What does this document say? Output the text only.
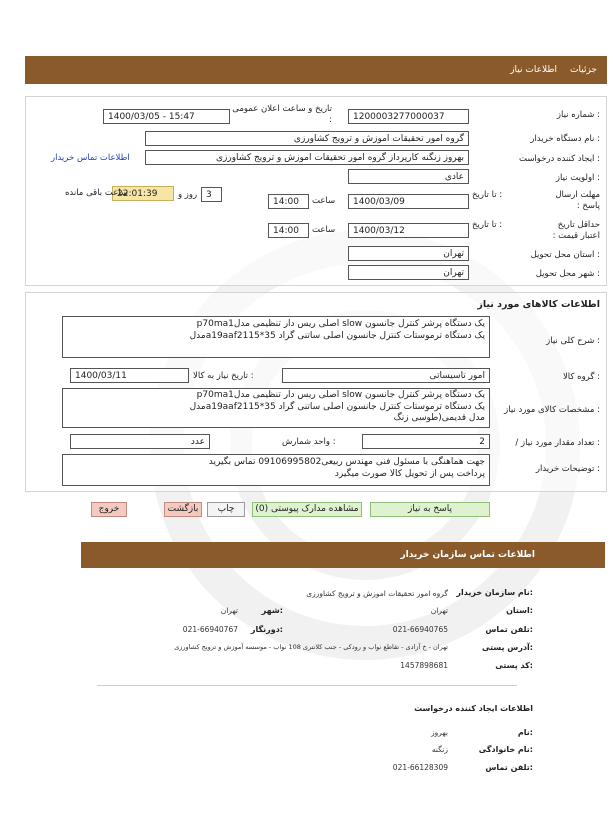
جزئیات
اطلاعات نیاز
شماره نیاز :
1200003277000037
تاریخ و ساعت اعلان عمومی :
1400/03/05 - 15:47
نام دستگاه خریدار :
گروه امور تحقیقات اموزش و ترویج کشاورزی
ایجاد کننده درخواست :
بهروز زنگنه کارپرداز گروه امور تحقیقات اموزش و ترویج کشاورزی
اطلاعات تماس خریدار
اولویت نیاز :
عادی
مهلت ارسال پاسخ :
تا تاریخ :
1400/03/09
ساعت
14:00
3
روز و
22:01:39
ساعت باقی مانده
حداقل تاریخ اعتبار قیمت :
تا تاریخ :
1400/03/12
ساعت
14:00
استان محل تحویل :
تهران
شهر محل تحویل :
تهران
اطلاعات کالاهای مورد نیاز
شرح کلی نیاز :
یک دستگاه پرشر کنترل جانسون slow اصلی ریس دار تنظیمی مدلp70ma1
یک دستگاه ترموستات کنترل جانسون اصلی ساتنی گراد 35*a19aaf2115مدل
گروه کالا :
امور تاسیساتی
تاریخ نیاز به کالا :
1400/03/11
مشخصات کالای مورد نیاز :
یک دستگاه پرشر کنترل جانسون slow اصلی ریس دار تنظیمی مدلp70ma1
یک دستگاه ترموستات کنترل جانسون اصلی ساتنی گراد 35*a19aaf2115مدل
مدل قدیمی(طوسی زنگ
/ تعداد مقدار مورد نیاز :
2
واحد شمارش :
عدد
توضیحات خریدار :
جهت هماهنگی با مسئول فنی مهندس ربیعی09106995802 تماس بگیرید
پرداخت پس از تحویل کالا صورت میگیرد
پاسخ به نیاز
مشاهده مدارک پیوستی (0)
چاپ
بازگشت
خروج
اطلاعات تماس سازمان خریدار
نام سازمان خریدار:
گروه امور تحقیقات اموزش و ترویج کشاورزی
استان:
تهران
شهر:
تهران
تلفن تماس:
021-66940765
دورنگار:
021-66940767
آدرس پستی:
تهران - خ آزادی - تقاطع نواب و رودکی - جنب کلانتری 108 نواب - موسسه آموزش و ترویج کشاورزی
کد پستی:
1457898681
اطلاعات ایجاد کننده درخواست
نام:
بهروز
نام خانوادگی:
زنگنه
تلفن تماس:
021-66128309
